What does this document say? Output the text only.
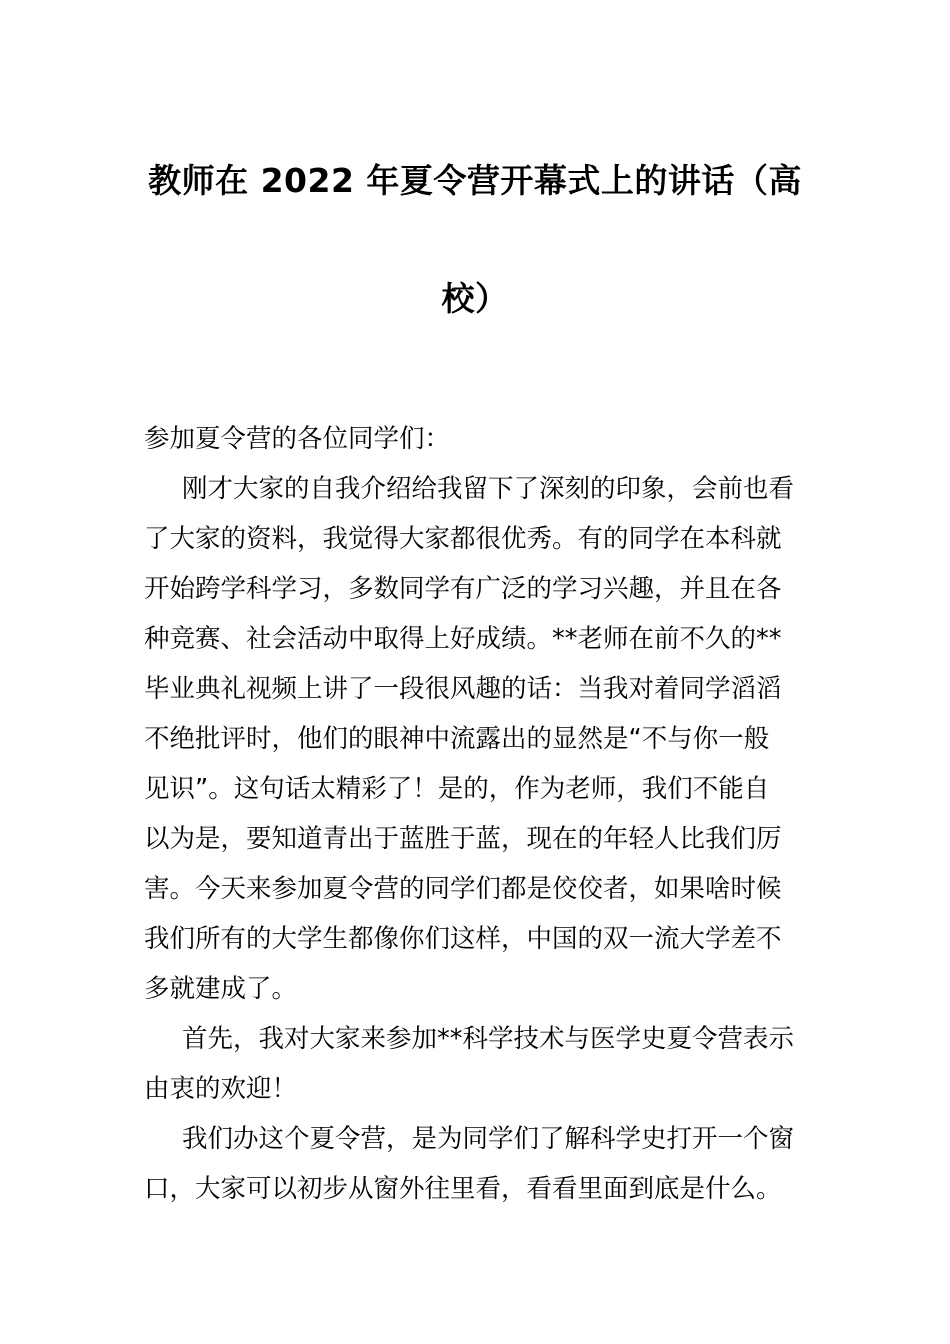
教师在 2022 年夏令营开幕式上的讲话（高
校）
参加夏令营的各位同学们：
刚才大家的自我介绍给我留下了深刻的印象，会前也看
了大家的资料，我觉得大家都很优秀。有的同学在本科就
开始跨学科学习，多数同学有广泛的学习兴趣，并且在各
种竞赛、社会活动中取得上好成绩。**老师在前不久的**
毕业典礼视频上讲了一段很风趣的话：当我对着同学滔滔
不绝批评时，他们的眼神中流露出的显然是“不与你一般
见识”。这句话太精彩了！是的，作为老师，我们不能自
以为是，要知道青出于蓝胜于蓝，现在的年轻人比我们厉
害。今天来参加夏令营的同学们都是佼佼者，如果啥时候
我们所有的大学生都像你们这样，中国的双一流大学差不
多就建成了。
首先，我对大家来参加**科学技术与医学史夏令营表示
由衷的欢迎！
我们办这个夏令营，是为同学们了解科学史打开一个窗
口，大家可以初步从窗外往里看，看看里面到底是什么。
